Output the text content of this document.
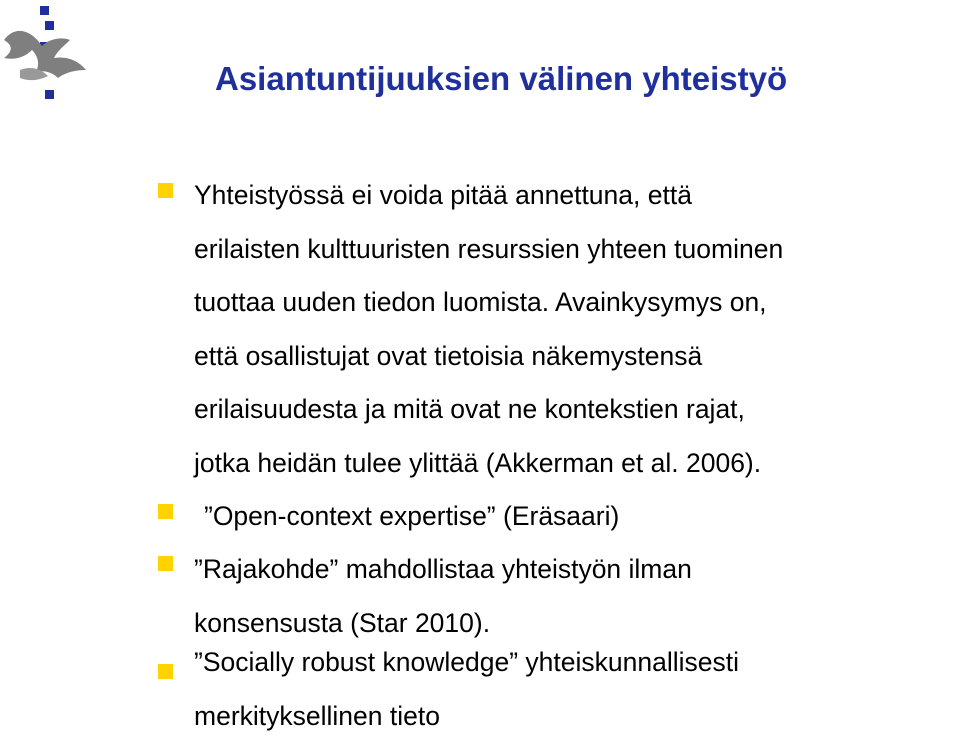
Asiantuntijuuksien välinen yhteistyö
Yhteistyössä ei voida pitää annettuna, että
erilaisten kulttuuristen resurssien yhteen tuominen
tuottaa uuden tiedon luomista. Avainkysymys on,
että osallistujat ovat tietoisia näkemystensä
erilaisuudesta ja mitä ovat ne kontekstien rajat,
jotka heidän tulee ylittää (Akkerman et al. 2006).
”Open-context expertise” (Eräsaari)
”Rajakohde” mahdollistaa yhteistyön ilman
konsensusta (Star 2010).
”Socially robust knowledge” yhteiskunnallisesti
merkityksellinen tieto
